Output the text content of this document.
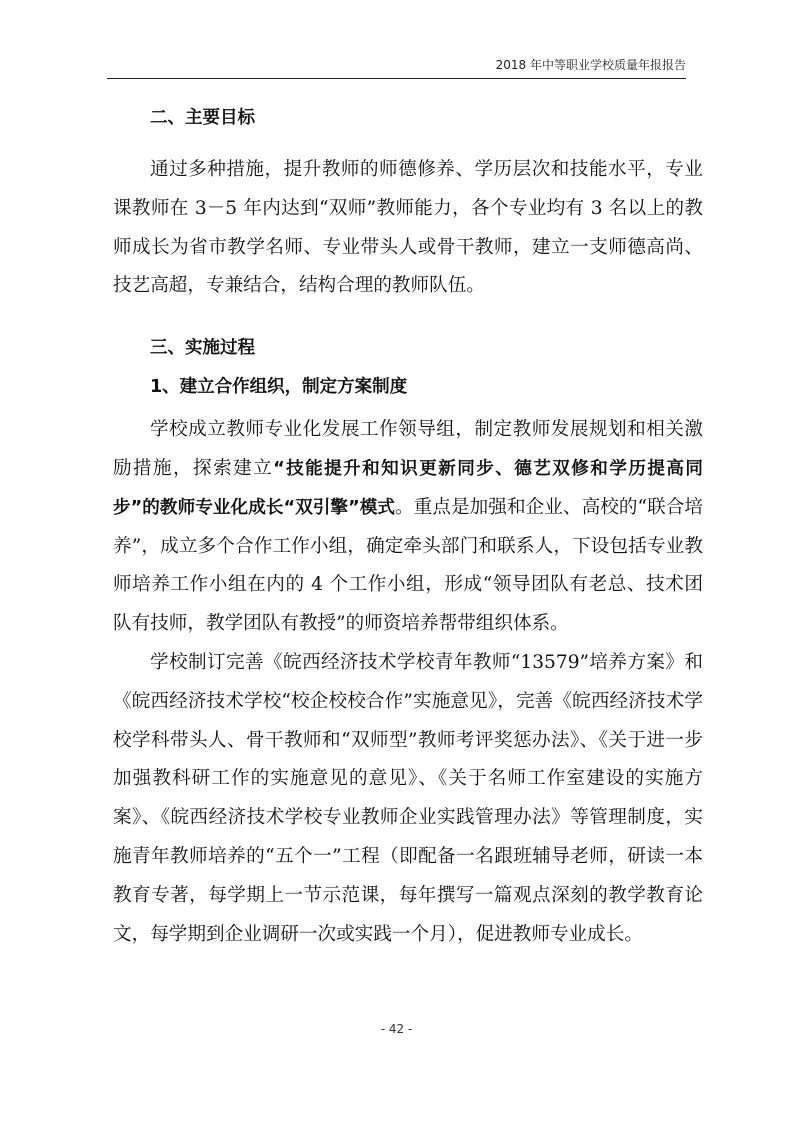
2018 年中等职业学校质量年报报告
二、主要目标

通过多种措施，提升教师的师德修养、学历层次和技能水平，专业课教师在 3－5 年内达到“双师”教师能力，各个专业均有 3 名以上的教师成长为省市教学名师、专业带头人或骨干教师，建立一支师德高尚、技艺高超，专兼结合，结构合理的教师队伍。

三、实施过程
1、建立合作组织，制定方案制度

学校成立教师专业化发展工作领导组，制定教师发展规划和相关激励措施，探索建立“技能提升和知识更新同步、德艺双修和学历提高同步”的教师专业化成长“双引擎”模式。重点是加强和企业、高校的“联合培养”，成立多个合作工作小组，确定牵头部门和联系人，下设包括专业教师培养工作小组在内的 4 个工作小组，形成“领导团队有老总、技术团队有技师，教学团队有教授”的师资培养帮带组织体系。

学校制订完善《皖西经济技术学校青年教师“13579”培养方案》和《皖西经济技术学校“校企校校合作”实施意见》，完善《皖西经济技术学校学科带头人、骨干教师和“双师型”教师考评奖惩办法》、《关于进一步加强教科研工作的实施意见的意见》、《关于名师工作室建设的实施方案》、《皖西经济技术学校专业教师企业实践管理办法》等管理制度，实施青年教师培养的“五个一”工程（即配备一名跟班辅导老师，研读一本教育专著，每学期上一节示范课，每年撰写一篇观点深刻的教学教育论文，每学期到企业调研一次或实践一个月），促进教师专业成长。

- 42 -
